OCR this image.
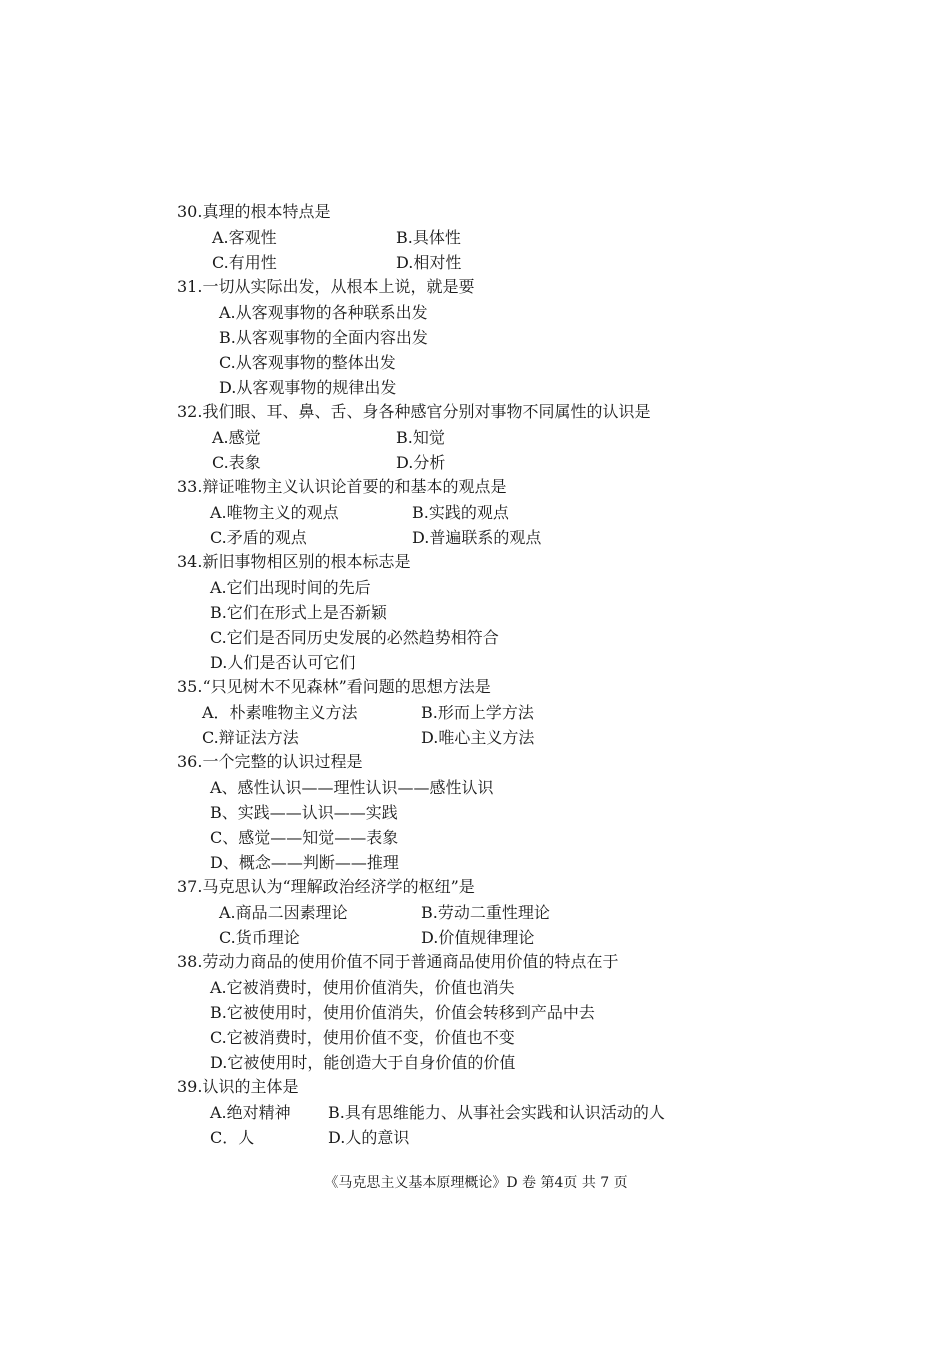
30.真理的根本特点是
A.客观性	B.具体性
C.有用性	D.相对性
31.一切从实际出发，从根本上说，就是要
A.从客观事物的各种联系出发
B.从客观事物的全面内容出发
C.从客观事物的整体出发
D.从客观事物的规律出发
32.我们眼、耳、鼻、舌、身各种感官分别对事物不同属性的认识是
A.感觉	B.知觉
C.表象	D.分析
33.辩证唯物主义认识论首要的和基本的观点是
A.唯物主义的观点	B.实践的观点
C.矛盾的观点	D.普遍联系的观点
34.新旧事物相区别的根本标志是
A.它们出现时间的先后
B.它们在形式上是否新颖
C.它们是否同历史发展的必然趋势相符合
D.人们是否认可它们
35.“只见树木不见森林”看问题的思想方法是
A．朴素唯物主义方法	B.形而上学方法
C.辩证法方法	D.唯心主义方法
36.一个完整的认识过程是
A、感性认识——理性认识——感性认识
B、实践——认识——实践
C、感觉——知觉——表象
D、概念——判断——推理
37.马克思认为“理解政治经济学的枢纽”是
A.商品二因素理论	B.劳动二重性理论
C.货币理论	D.价值规律理论
38.劳动力商品的使用价值不同于普通商品使用价值的特点在于
A.它被消费时，使用价值消失，价值也消失
B.它被使用时，使用价值消失，价值会转移到产品中去
C.它被消费时，使用价值不变，价值也不变
D.它被使用时，能创造大于自身价值的价值
39.认识的主体是
A.绝对精神 B.具有思维能力、从事社会实践和认识活动的人
C．人	D.人的意识
《马克思主义基本原理概论》D 卷 第4页 共 7 页
